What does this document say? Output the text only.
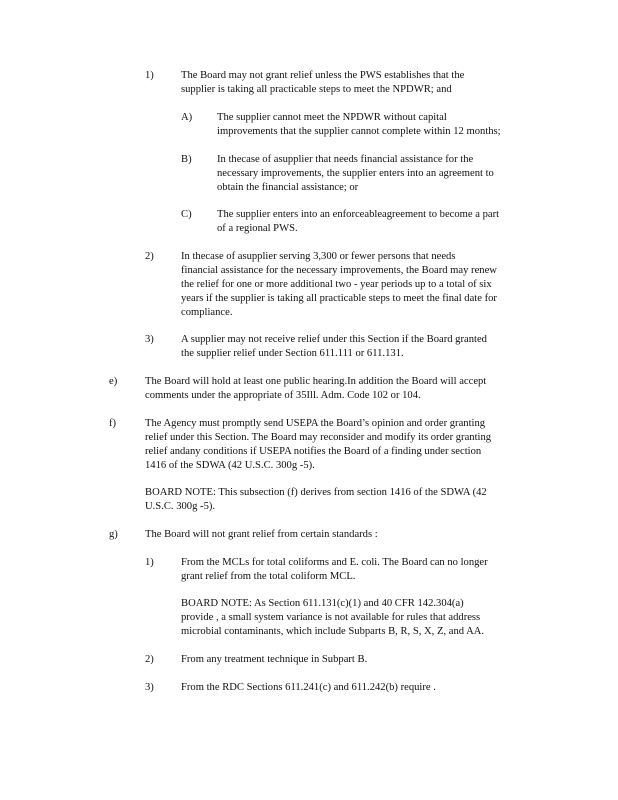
1)	The Board may not grant relief unless the PWS establishes that the
supplier is taking all practicable steps to meet the NPDWR; and
A) The supplier cannot meet the NPDWR without capital
improvements that the supplier cannot complete within 12 months;
B) In thecase of asupplier that needs financial assistance for the
necessary improvements, the supplier enters into an agreement to
obtain the financial assistance; or
C) The supplier enters into an enforceableagreement to become a part
of a regional PWS.
2)	In thecase of asupplier serving 3,300 or fewer persons that needs
financial assistance for the necessary improvements, the Board may renew
the relief for one or more additional two - year periods up to a total of six
years if the supplier is taking all practicable steps to meet the final date for
compliance.
3)	A supplier may not receive relief under this Section if the Board granted
the supplier relief under Section 611.111 or 611.131.
e)	The Board will hold at least one public hearing.In addition the Board will accept
comments under the appropriate of 35Ill. Adm. Code 102 or 104.
f)	The Agency must promptly send USEPA the Board’s opinion and order granting
relief under this Section. The Board may reconsider and modify its order granting
relief andany conditions if USEPA notifies the Board of a finding under section
1416 of the SDWA (42 U.S.C. 300g -5).
BOARD NOTE: This subsection (f) derives from section 1416 of the SDWA (42
U.S.C. 300g -5).
g)	The Board will not grant relief from certain standards :
1)	From the MCLs for total coliforms and E. coli. The Board can no longer
grant relief from the total coliform MCL.
BOARD NOTE: As Section 611.131(c)(1) and 40 CFR 142.304(a)
provide , a small system variance is not available for rules that address
microbial contaminants, which include Subparts B, R, S, X, Z, and AA.
2)	From any treatment technique in Subpart B.
3)	From the RDC Sections 611.241(c) and 611.242(b) require .
